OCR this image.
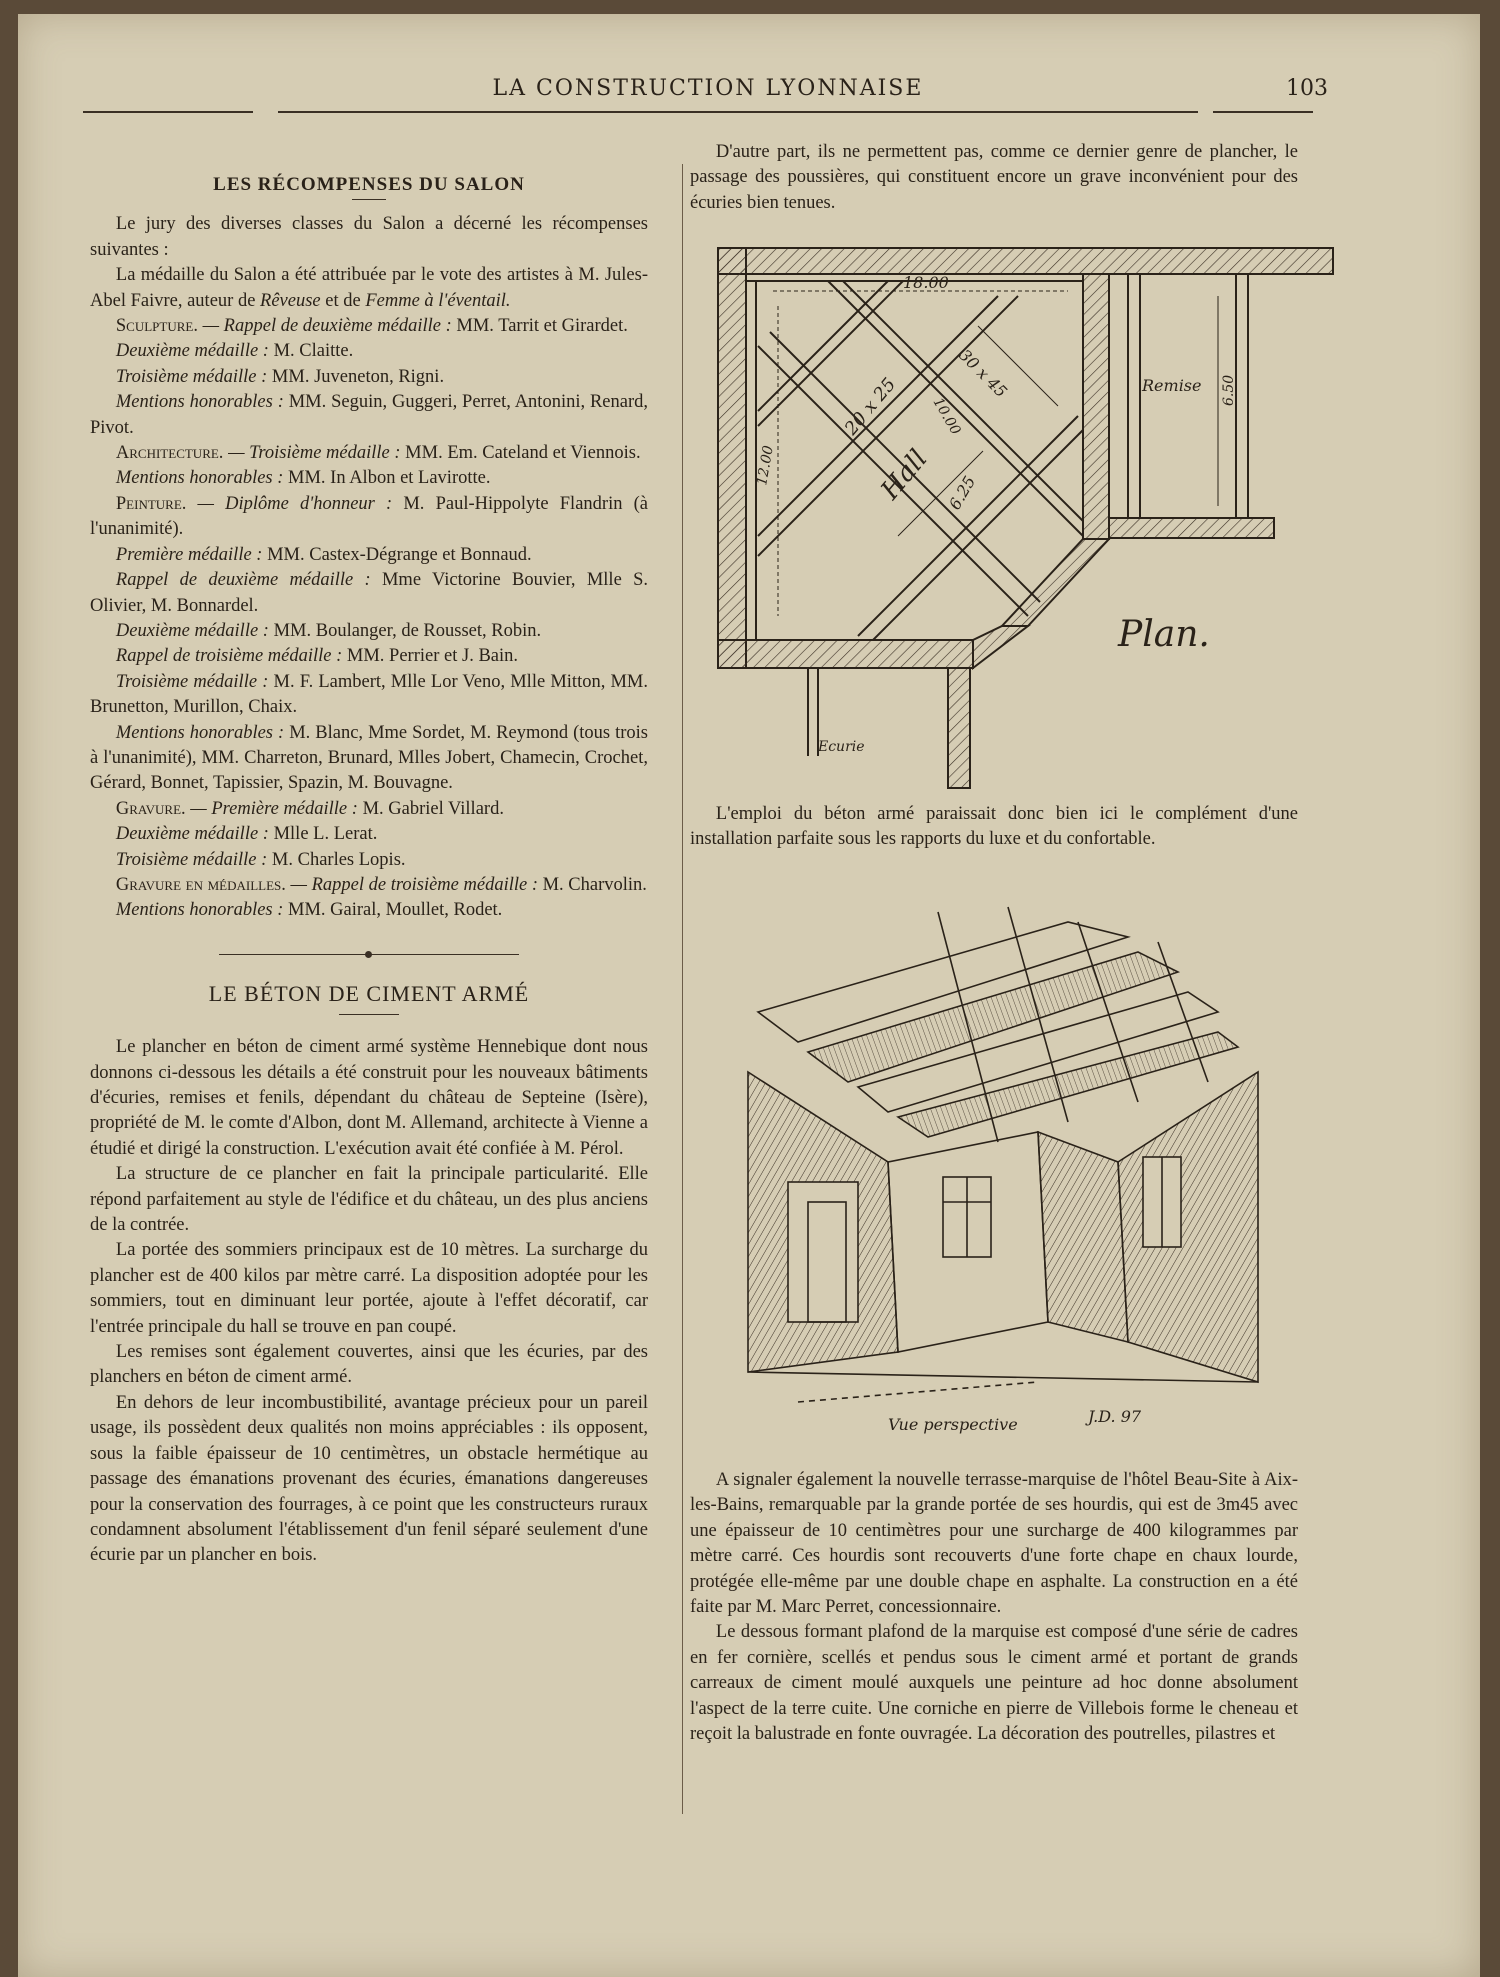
LA CONSTRUCTION LYONNAISE	103

LES RÉCOMPENSES DU SALON

Le jury des diverses classes du Salon a décerné les récompenses suivantes :

La médaille du Salon a été attribuée par le vote des artistes à M. Jules-Abel Faivre, auteur de Rêveuse et de Femme à l'éventail.

Sculpture. — Rappel de deuxième médaille : MM. Tarrit et Girardet.

Deuxième médaille : M. Claitte.

Troisième médaille : MM. Juveneton, Rigni.

Mentions honorables : MM. Seguin, Guggeri, Perret, Antonini, Renard, Pivot.

Architecture. — Troisième médaille : MM. Em. Cateland et Viennois.

Mentions honorables : MM. In Albon et Lavirotte.

Peinture. — Diplôme d'honneur : M. Paul-Hippolyte Flandrin (à l'unanimité).

Première médaille : MM. Castex-Dégrange et Bonnaud.

Rappel de deuxième médaille : Mme Victorine Bouvier, Mlle S. Olivier, M. Bonnardel.

Deuxième médaille : MM. Boulanger, de Rousset, Robin.

Rappel de troisième médaille : MM. Perrier et J. Bain.

Troisième médaille : M. F. Lambert, Mlle Lor Veno, Mlle Mitton, MM. Brunetton, Murillon, Chaix.

Mentions honorables : M. Blanc, Mme Sordet, M. Reymond (tous trois à l'unanimité), MM. Charreton, Brunard, Mlles Jobert, Chamecin, Crochet, Gérard, Bonnet, Tapissier, Spazin, M. Bouvagne.

Gravure. — Première médaille : M. Gabriel Villard.

Deuxième médaille : Mlle L. Lerat.

Troisième médaille : M. Charles Lopis.

Gravure en médailles. — Rappel de troisième médaille : M. Charvolin.

Mentions honorables : MM. Gairal, Moullet, Rodet.

LE BÉTON DE CIMENT ARMÉ

Le plancher en béton de ciment armé système Hennebique dont nous donnons ci-dessous les détails a été construit pour les nouveaux bâtiments d'écuries, remises et fenils, dépendant du château de Septeine (Isère), propriété de M. le comte d'Albon, dont M. Allemand, architecte à Vienne a étudié et dirigé la construction. L'exécution avait été confiée à M. Pérol.

La structure de ce plancher en fait la principale particularité. Elle répond parfaitement au style de l'édifice et du château, un des plus anciens de la contrée.

La portée des sommiers principaux est de 10 mètres. La surcharge du plancher est de 400 kilos par mètre carré. La disposition adoptée pour les sommiers, tout en diminuant leur portée, ajoute à l'effet décoratif, car l'entrée principale du hall se trouve en pan coupé.

Les remises sont également couvertes, ainsi que les écuries, par des planchers en béton de ciment armé.

En dehors de leur incombustibilité, avantage précieux pour un pareil usage, ils possèdent deux qualités non moins appréciables : ils opposent, sous la faible épaisseur de 10 centimètres, un obstacle hermétique au passage des émanations provenant des écuries, émanations dangereuses pour la conservation des fourrages, à ce point que les constructeurs ruraux condamnent absolument l'établissement d'un fenil séparé seulement d'une écurie par un plancher en bois.

D'autre part, ils ne permettent pas, comme ce dernier genre de plancher, le passage des poussières, qui constituent encore un grave inconvénient pour des écuries bien tenues.

18.00
12.00
20 x 25
30 x 45
10.00
Hall 6.25
Remise 6.50
Ecurie
Plan.

L'emploi du béton armé paraissait donc bien ici le complément d'une installation parfaite sous les rapports du luxe et du confortable.

Vue perspective	J.D. 97

A signaler également la nouvelle terrasse-marquise de l'hôtel Beau-Site à Aix-les-Bains, remarquable par la grande portée de ses hourdis, qui est de 3m45 avec une épaisseur de 10 centimètres pour une surcharge de 400 kilogrammes par mètre carré. Ces hourdis sont recouverts d'une forte chape en chaux lourde, protégée elle-même par une double chape en asphalte. La construction en a été faite par M. Marc Perret, concessionnaire.

Le dessous formant plafond de la marquise est composé d'une série de cadres en fer cornière, scellés et pendus sous le ciment armé et portant de grands carreaux de ciment moulé auxquels une peinture ad hoc donne absolument l'aspect de la terre cuite. Une corniche en pierre de Villebois forme le cheneau et reçoit la balustrade en fonte ouvragée. La décoration des poutrelles, pilastres et
